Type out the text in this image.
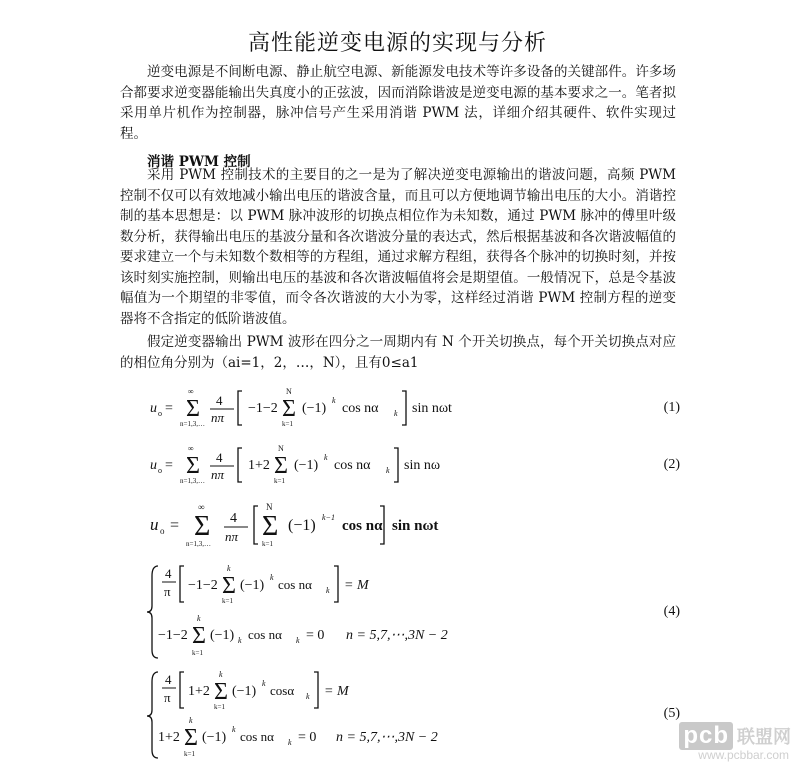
高性能逆变电源的实现与分析

逆变电源是不间断电源、静止航空电源、新能源发电技术等许多设备的关键部件。许多场合都要求逆变器能输出失真度小的正弦波，因而消除谐波是逆变电源的基本要求之一。笔者拟采用单片机作为控制器，脉冲信号产生采用消谐 PWM 法，详细介绍其硬件、软件实现过程。

消谐 PWM 控制

采用 PWM 控制技术的主要目的之一是为了解决逆变电源输出的谐波问题，高频 PWM 控制不仅可以有效地减小输出电压的谐波含量，而且可以方便地调节输出电压的大小。消谐控制的基本思想是：以 PWM 脉冲波形的切换点相位作为未知数，通过 PWM 脉冲的傅里叶级数分析，获得输出电压的基波分量和各次谐波分量的表达式，然后根据基波和各次谐波幅值的要求建立一个与未知数个数相等的方程组，通过求解方程组，获得各个脉冲的切换时刻，并按该时刻实施控制，则输出电压的基波和各次谐波幅值将会是期望值。一般情况下，总是令基波幅值为一个期望的非零值，而令各次谐波的大小为零，这样经过消谐 PWM 控制方程的逆变器将不含指定的低阶谐波值。

假定逆变器输出 PWM 波形在四分之一周期内有 N 个开关切换点，每个开关切换点对应的相位角分别为（ai=1，2，…，N），且有0≤a1

u o = Σ
∞
n=1,3,…
4
nπ
−1−2 Σ
N
k=1
(−1)
k
cos nα k sin nωt	(1)
u o = Σ
∞
n=1,3,…
4
nπ
1+2 Σ
N
k=1
(−1)
k
cos nα k sin nω	(2)
u o = Σ
∞
n=1,3,…
4
nπ Σ
N
k=1
(−1) k−1
cos nα sin nωt
4
π −1−2 Σ
k
k=1
(−1)
k cos nα k = M
−1−2 Σ
k
k=1
(−1) k cos nα k = 0 n = 5,7,⋯,3N − 2
(4)
4
π 1+2 Σ
k
k=1
(−1)
k cosα k = M
1+2 Σ
k
k=1
(−1)
k cos nα k = 0 n = 5,7,⋯,3N − 2
(5)
pcb 联盟网
www.pcbbar.com
